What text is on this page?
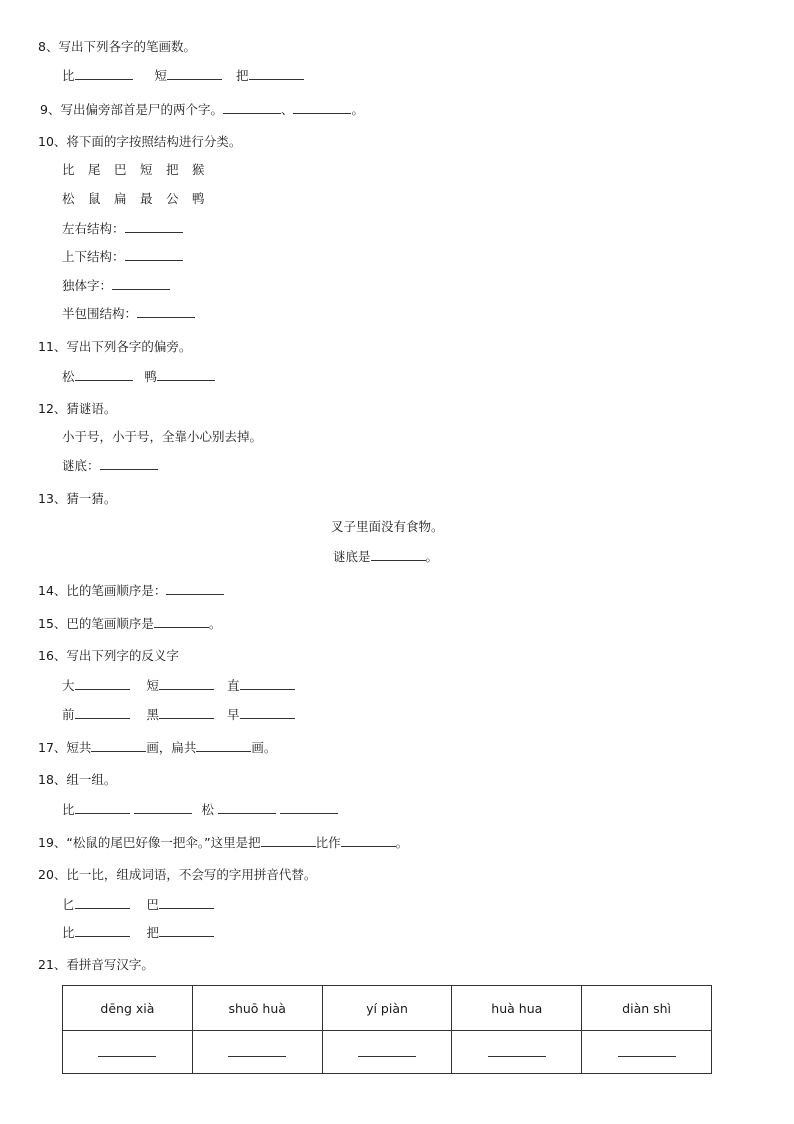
8、写出下列各字的笔画数。
比	短	把
9、写出偏旁部首是尸的两个字。	、	。
10、将下面的字按照结构进行分类。
比　尾　巴　短　把　猴
松　鼠　扁　最　公　鸭
左右结构：
上下结构：
独体字：
半包围结构：
11、写出下列各字的偏旁。
松	鸭
12、猜谜语。
小于号，小于号，全靠小心别去掉。
谜底：
13、猜一猜。
叉子里面没有食物。
谜底是	。
14、比的笔画顺序是：
15、巴的笔画顺序是	。
16、写出下列字的反义字
大	短	直
前	黑	早
17、短共	画，扁共	画。
18、组一组。
比	松
19、“松鼠的尾巴好像一把伞。”这里是把	比作	。
20、比一比，组成词语，不会写的字用拼音代替。
匕	巴
比	把
21、看拼音写汉字。
dēng xià	shuō huà	yí piàn	huà hua	diàn shì
